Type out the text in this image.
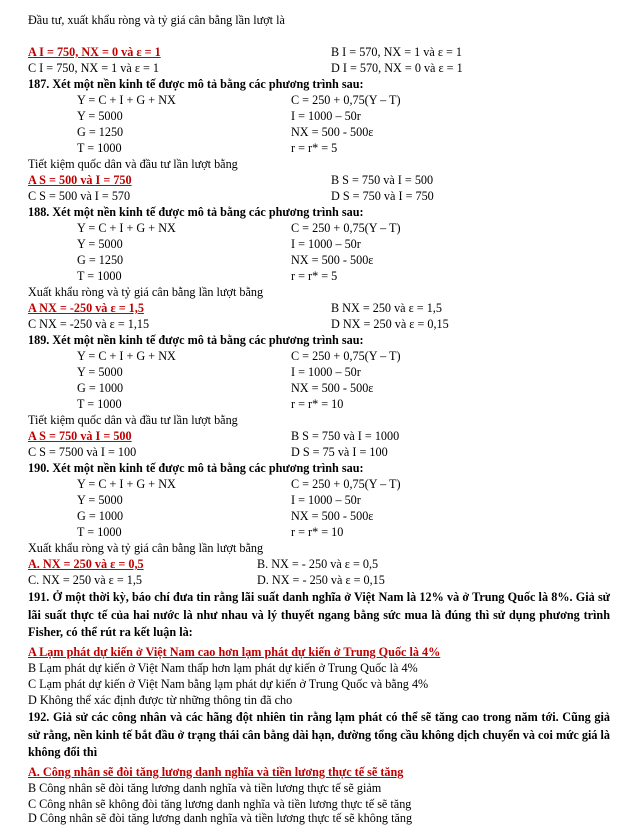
Đầu tư, xuất khẩu ròng và tỷ giá cân bằng lần lượt là
A I = 750, NX = 0 và ε = 1	B I = 570, NX = 1 và ε = 1
C I = 750, NX = 1 và ε = 1	D I = 570, NX = 0 và ε = 1
187. Xét một nền kinh tế được mô tả bằng các phương trình sau:
Y = C + I + G + NX	C = 250 + 0,75(Y – T)
Y = 5000	I = 1000 – 50r
G = 1250	NX = 500 - 500ε
T = 1000	r = r* = 5
Tiết kiệm quốc dân và đầu tư lần lượt bằng
A S = 500 và I = 750	B S = 750 và I = 500
C S = 500 và I = 570	D S = 750 và I = 750
188. Xét một nền kinh tế được mô tả bằng các phương trình sau:
Y = C + I + G + NX	C = 250 + 0,75(Y – T)
Y = 5000	I = 1000 – 50r
G = 1250	NX = 500 - 500ε
T = 1000	r = r* = 5
Xuất khẩu ròng và tỷ giá cân bằng lần lượt bằng
A NX = -250 và ε = 1,5	B NX = 250 và ε = 1,5
C NX = -250 và ε = 1,15	D NX = 250 và ε = 0,15
189. Xét một nền kinh tế được mô tả bằng các phương trình sau:
Y = C + I + G + NX	C = 250 + 0,75(Y – T)
Y = 5000	I = 1000 – 50r
G = 1000	NX = 500 - 500ε
T = 1000	r = r* = 10
Tiết kiệm quốc dân và đầu tư lần lượt bằng
A S = 750 và I = 500	B S = 750 và I = 1000
C S = 7500 và I = 100	D S = 75 và I = 100
190. Xét một nền kinh tế được mô tả bằng các phương trình sau:
Y = C + I + G + NX	C = 250 + 0,75(Y – T)
Y = 5000	I = 1000 – 50r
G = 1000	NX = 500 - 500ε
T = 1000	r = r* = 10
Xuất khẩu ròng và tỷ giá cân bằng lần lượt bằng
A. NX = 250 và ε = 0,5	B. NX = - 250 và ε = 0,5
C. NX = 250 và ε = 1,5	D. NX = - 250 và ε = 0,15
191. Ở một thời kỳ, báo chí đưa tin rằng lãi suất danh nghĩa ở Việt Nam là 12% và ở Trung Quốc là 8%. Giả sử lãi suất thực tế của hai nước là như nhau và lý thuyết ngang bằng sức mua là đúng thì sử dụng phương trình Fisher, có thể rút ra kết luận là:
A Lạm phát dự kiến ở Việt Nam cao hơn lạm phát dự kiến ở Trung Quốc là 4%
B Lạm phát dự kiến ở Việt Nam thấp hơn lạm phát dự kiến ở Trung Quốc là 4%
C Lạm phát dự kiến ở Việt Nam bằng lạm phát dự kiến ở Trung Quốc và bằng 4%
D Không thể xác định được từ những thông tin đã cho
192. Giả sử các công nhân và các hãng đột nhiên tin rằng lạm phát có thể sẽ tăng cao trong năm tới. Cũng giả sử rằng, nền kinh tế bắt đầu ở trạng thái cân bằng dài hạn, đường tổng cầu không dịch chuyển và coi mức giá là không đổi thì
A. Công nhân sẽ đòi tăng lương danh nghĩa và tiền lương thực tế sẽ tăng
B Công nhân sẽ đòi tăng lương danh nghĩa và tiền lương thực tế sẽ giảm
C Công nhân sẽ không đòi tăng lương danh nghĩa và tiền lương thực tế sẽ tăng
D Công nhân sẽ đòi tăng lương danh nghĩa và tiền lương thực tế sẽ không tăng
